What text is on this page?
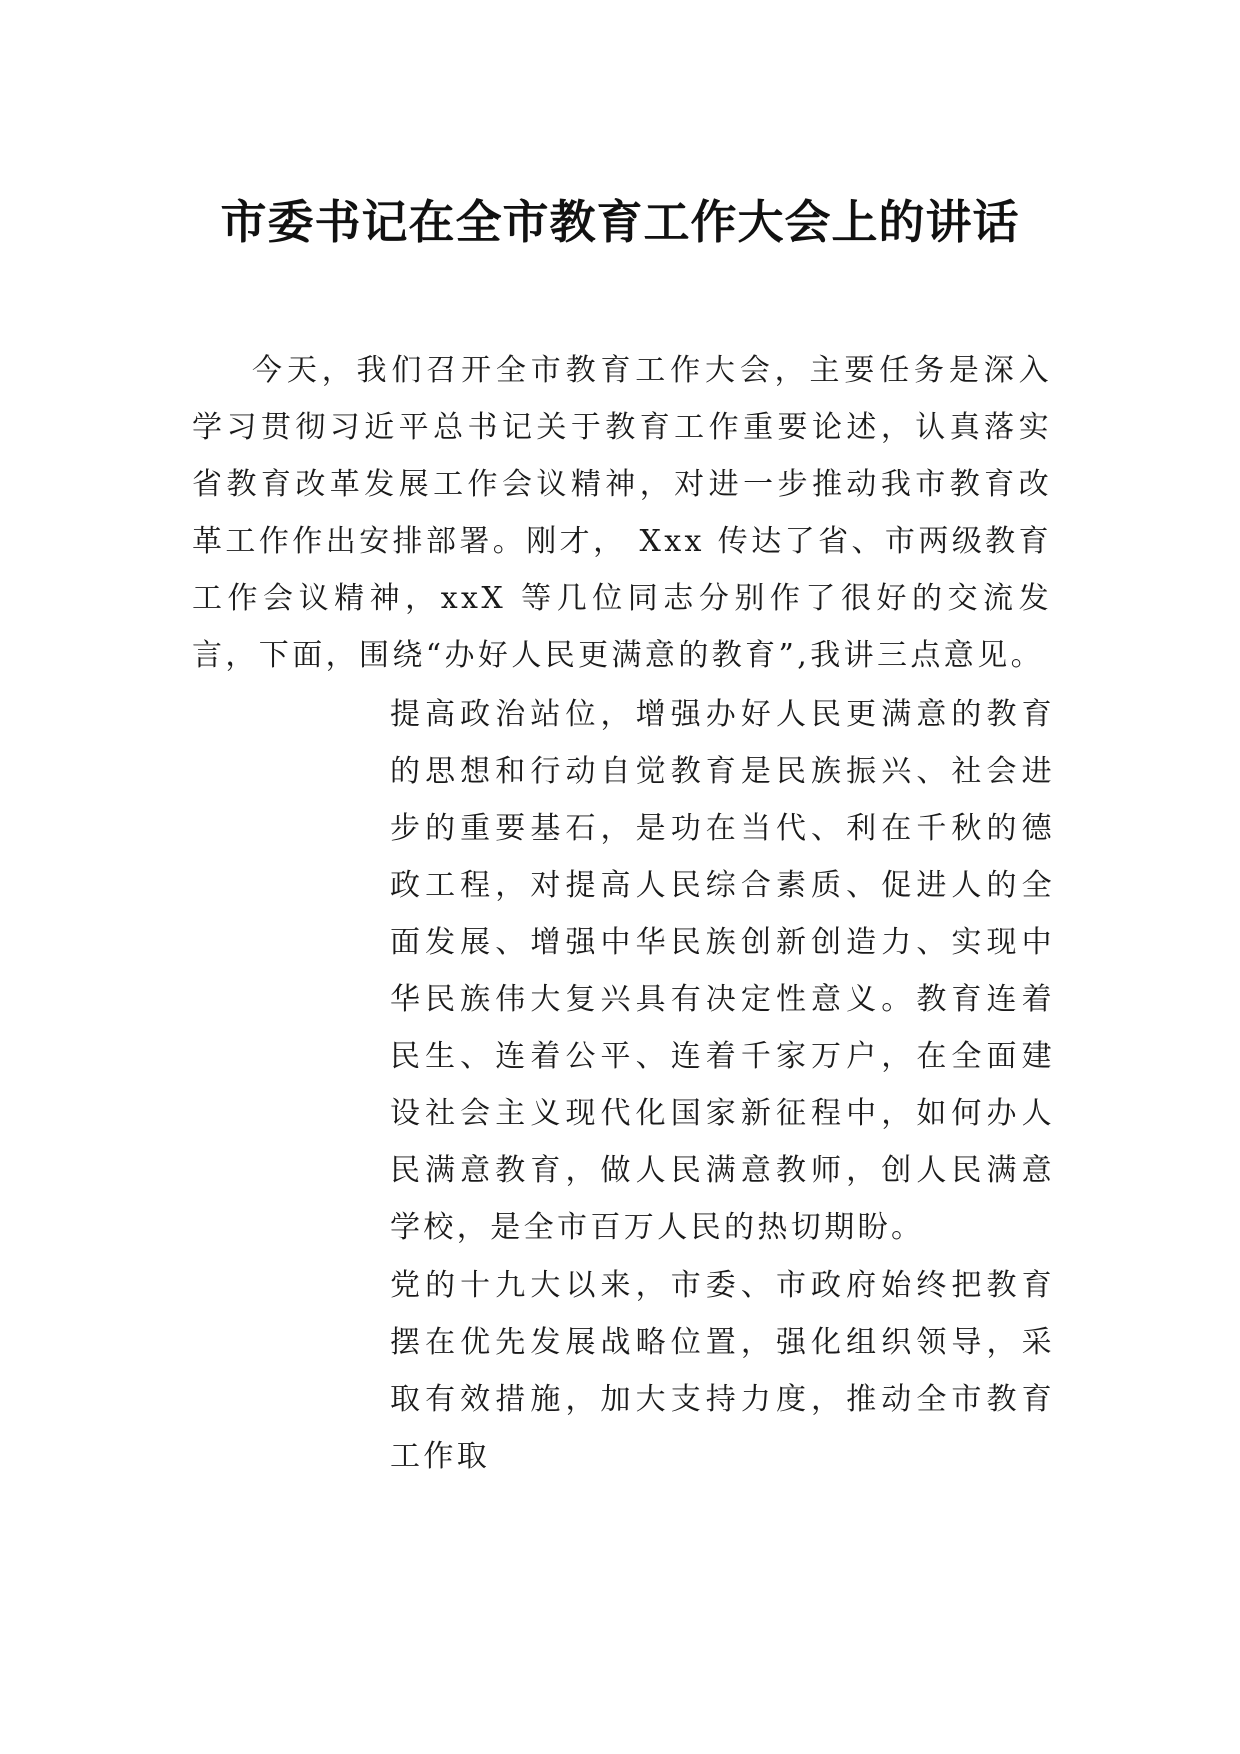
市委书记在全市教育工作大会上的讲话

今天，我们召开全市教育工作大会，主要任务是深入学习贯彻习近平总书记关于教育工作重要论述，认真落实省教育改革发展工作会议精神，对进一步推动我市教育改革工作作出安排部署。刚才， Xxx 传达了省、市两级教育工作会议精神，xxX 等几位同志分别作了很好的交流发言，下面，围绕“办好人民更满意的教育”,我讲三点意见。

提高政治站位，增强办好人民更满意的教育的思想和行动自觉教育是民族振兴、社会进步的重要基石，是功在当代、利在千秋的德政工程，对提高人民综合素质、促进人的全面发展、增强中华民族创新创造力、实现中华民族伟大复兴具有决定性意义。教育连着民生、连着公平、连着千家万户，在全面建设社会主义现代化国家新征程中，如何办人民满意教育，做人民满意教师，创人民满意学校，是全市百万人民的热切期盼。

党的十九大以来，市委、市政府始终把教育摆在优先发展战略位置，强化组织领导，采取有效措施，加大支持力度，推动全市教育工作取
